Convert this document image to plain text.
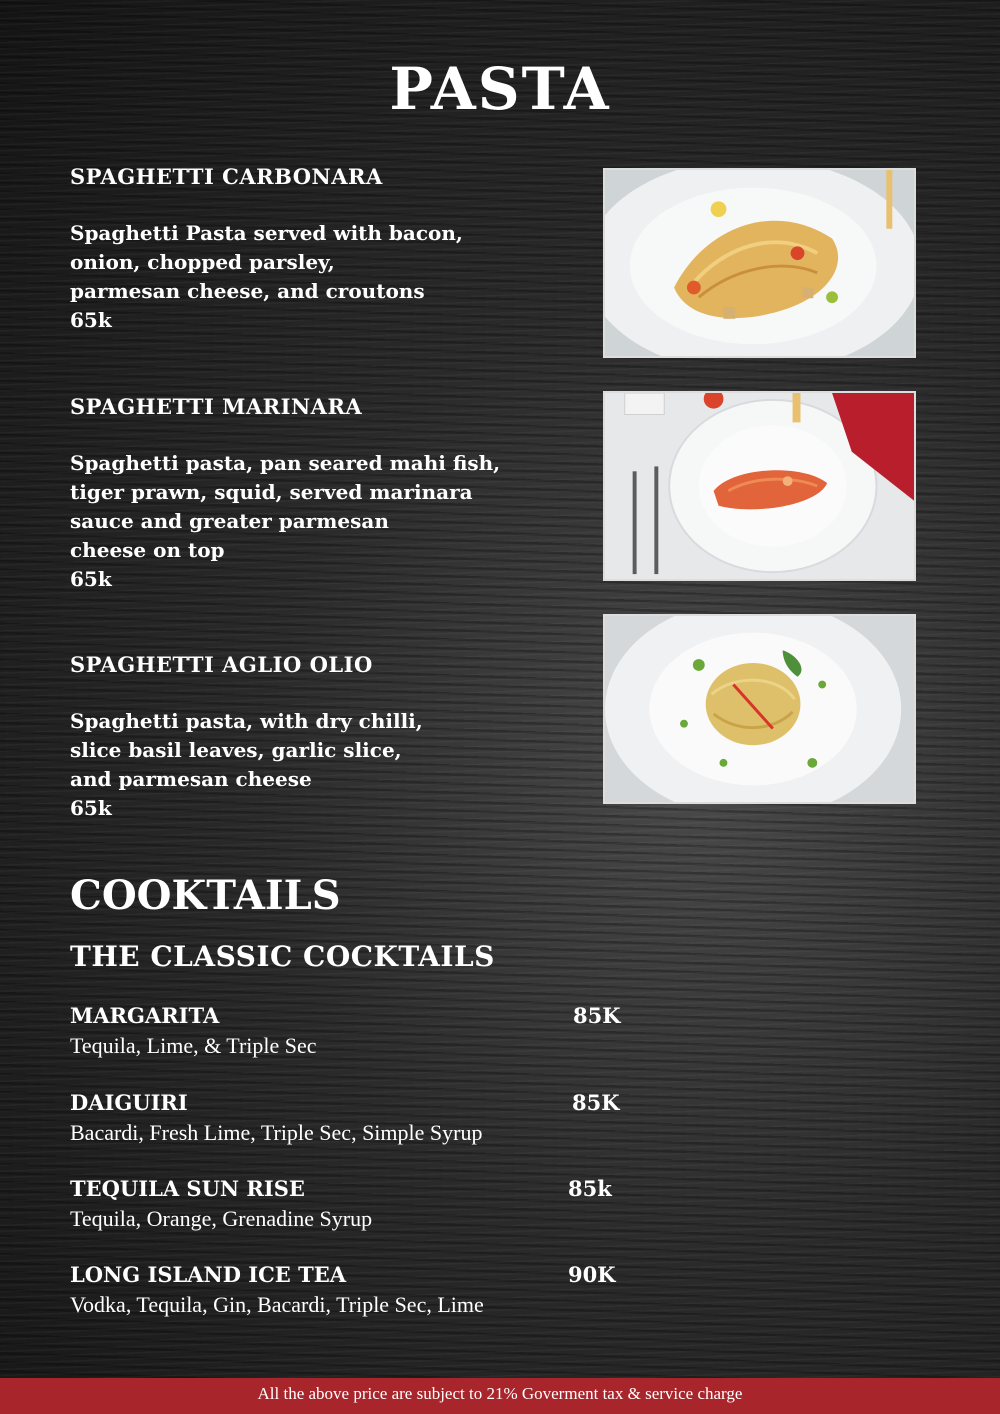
PASTA

SPAGHETTI CARBONARA

Spaghetti Pasta served with bacon,
onion, chopped parsley,
parmesan cheese, and croutons

65k

SPAGHETTI MARINARA

Spaghetti pasta, pan seared mahi fish,
tiger prawn, squid, served marinara
sauce and greater parmesan
cheese on top

65k

SPAGHETTI AGLIO OLIO

Spaghetti pasta, with dry chilli,
slice basil leaves, garlic slice,
and parmesan cheese

65k

COOKTAILS
THE CLASSIC COCKTAILS
MARGARITA	85K
Tequila, Lime, & Triple Sec
DAIGUIRI	85K
Bacardi, Fresh Lime, Triple Sec, Simple Syrup
TEQUILA SUN RISE	85k
Tequila, Orange, Grenadine Syrup
LONG ISLAND ICE TEA	90K
Vodka, Tequila, Gin, Bacardi, Triple Sec, Lime
All the above price are subject to 21% Goverment tax & service charge
